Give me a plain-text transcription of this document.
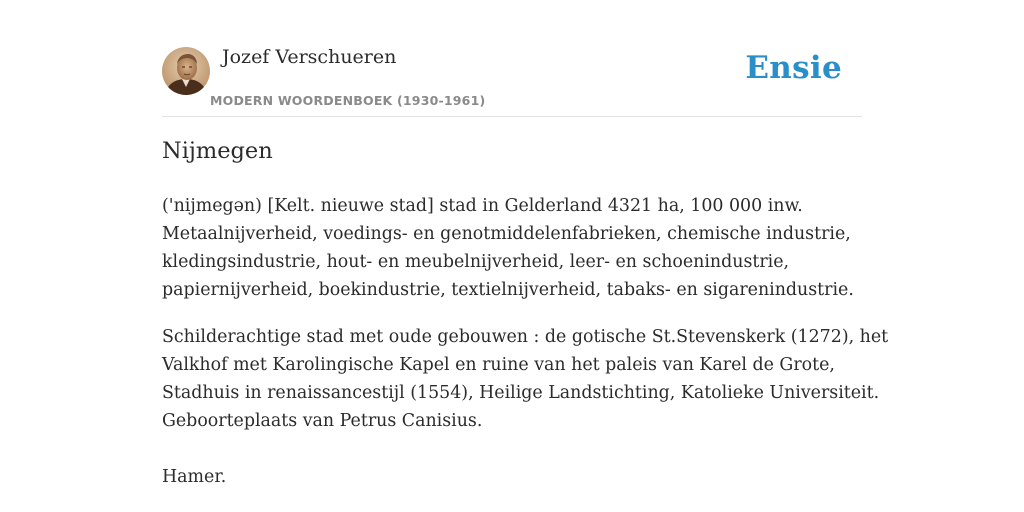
Jozef Verschueren
MODERN WOORDENBOEK (1930-1961)
Ensie
Nijmegen

('nijmegən) [Kelt. nieuwe stad] stad in Gelderland 4321 ha, 100 000 inw.
Metaalnijverheid, voedings- en genotmiddelenfabrieken, chemische industrie,
kledingsindustrie, hout- en meubelnijverheid, leer- en schoenindustrie,
papiernijverheid, boekindustrie, textielnijverheid, tabaks- en sigarenindustrie.

Schilderachtige stad met oude gebouwen : de gotische St.Stevenskerk (1272), het
Valkhof met Karolingische Kapel en ruine van het paleis van Karel de Grote,
Stadhuis in renaissancestijl (1554), Heilige Landstichting, Katolieke Universiteit.
Geboorteplaats van Petrus Canisius.

Hamer.
